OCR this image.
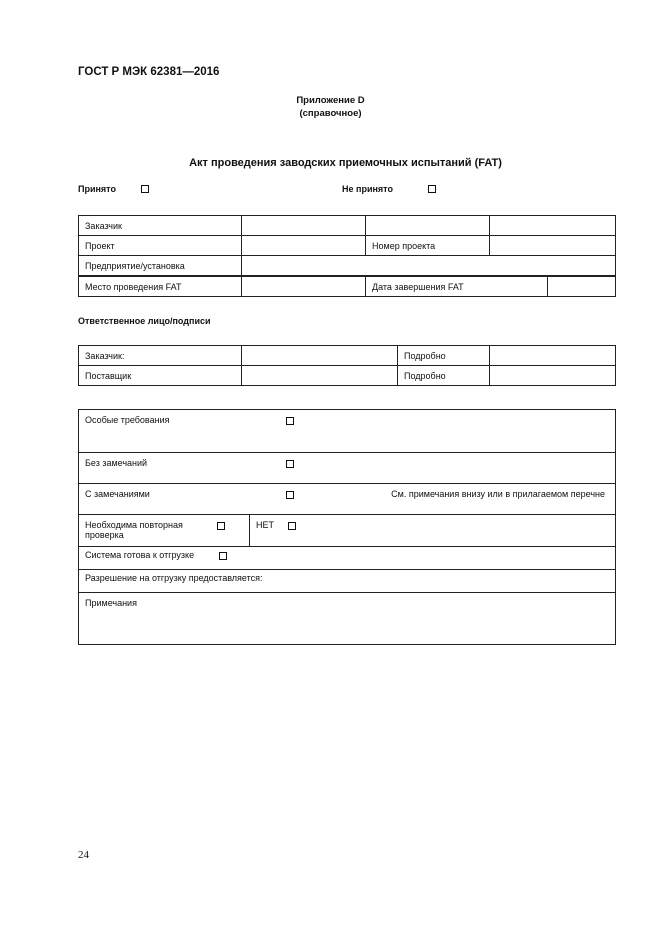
ГОСТ Р МЭК 62381—2016
Приложение D
(справочное)
Акт проведения заводских приемочных испытаний (FAT)
Принято	Не принято
Заказчик				
Проект		Номер проекта		
Предприятие/установка				
Место проведения FAT		Дата завершения FAT		
Ответственное лицо/подписи
Заказчик:		Подробно	
Поставщик		Подробно	
Особые требования

Без замечаний

С замечаниями	См. примечания внизу или в прилагаемом перечне

Необходима повторная проверка
	НЕТ

Система готова к отгрузке

Разрешение на отгрузку предоставляется:
Примечания
24
